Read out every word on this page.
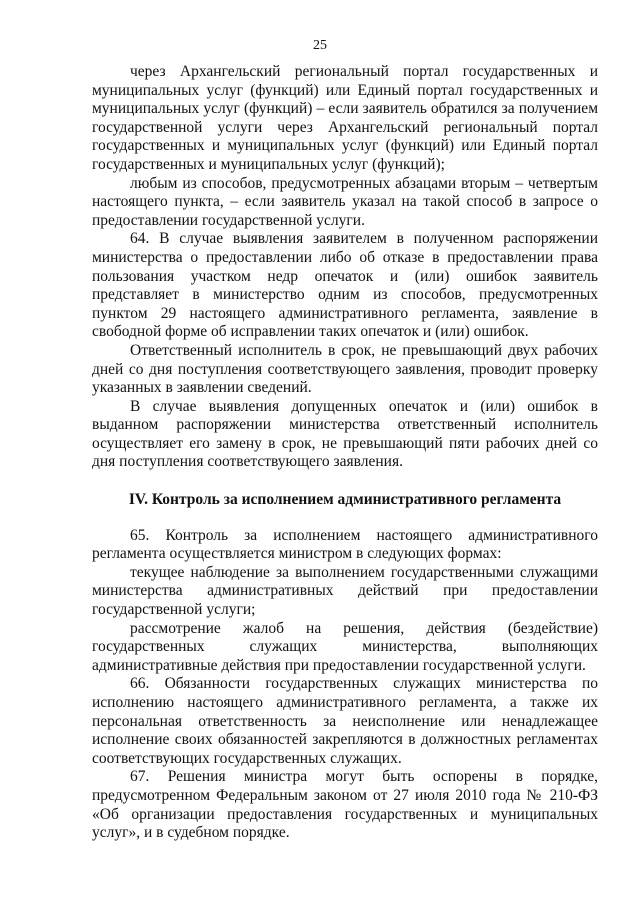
25

через Архангельский региональный портал государственных и муниципальных услуг (функций) или Единый портал государственных и муниципальных услуг (функций) – если заявитель обратился за получением государственной услуги через Архангельский региональный портал государственных и муниципальных услуг (функций) или Единый портал государственных и муниципальных услуг (функций);

любым из способов, предусмотренных абзацами вторым – четвертым настоящего пункта, – если заявитель указал на такой способ в запросе о предоставлении государственной услуги.

64. В случае выявления заявителем в полученном распоряжении министерства о предоставлении либо об отказе в предоставлении права пользования участком недр опечаток и (или) ошибок заявитель представляет в министерство одним из способов, предусмотренных пунктом 29 настоящего административного регламента, заявление в свободной форме об исправлении таких опечаток и (или) ошибок.

Ответственный исполнитель в срок, не превышающий двух рабочих дней со дня поступления соответствующего заявления, проводит проверку указанных в заявлении сведений.

В случае выявления допущенных опечаток и (или) ошибок в выданном распоряжении министерства ответственный исполнитель осуществляет его замену в срок, не превышающий пяти рабочих дней со дня поступления соответствующего заявления.

IV. Контроль за исполнением административного регламента

65. Контроль за исполнением настоящего административного регламента осуществляется министром в следующих формах:

текущее наблюдение за выполнением государственными служащими министерства административных действий при предоставлении государственной услуги;

рассмотрение жалоб на решения, действия (бездействие) государственных служащих министерства, выполняющих административные действия при предоставлении государственной услуги.

66. Обязанности государственных служащих министерства по исполнению настоящего административного регламента, а также их персональная ответственность за неисполнение или ненадлежащее исполнение своих обязанностей закрепляются в должностных регламентах соответствующих государственных служащих.

67. Решения министра могут быть оспорены в порядке, предусмотренном Федеральным законом от 27 июля 2010 года № 210-ФЗ «Об организации предоставления государственных и муниципальных услуг», и в судебном порядке.
